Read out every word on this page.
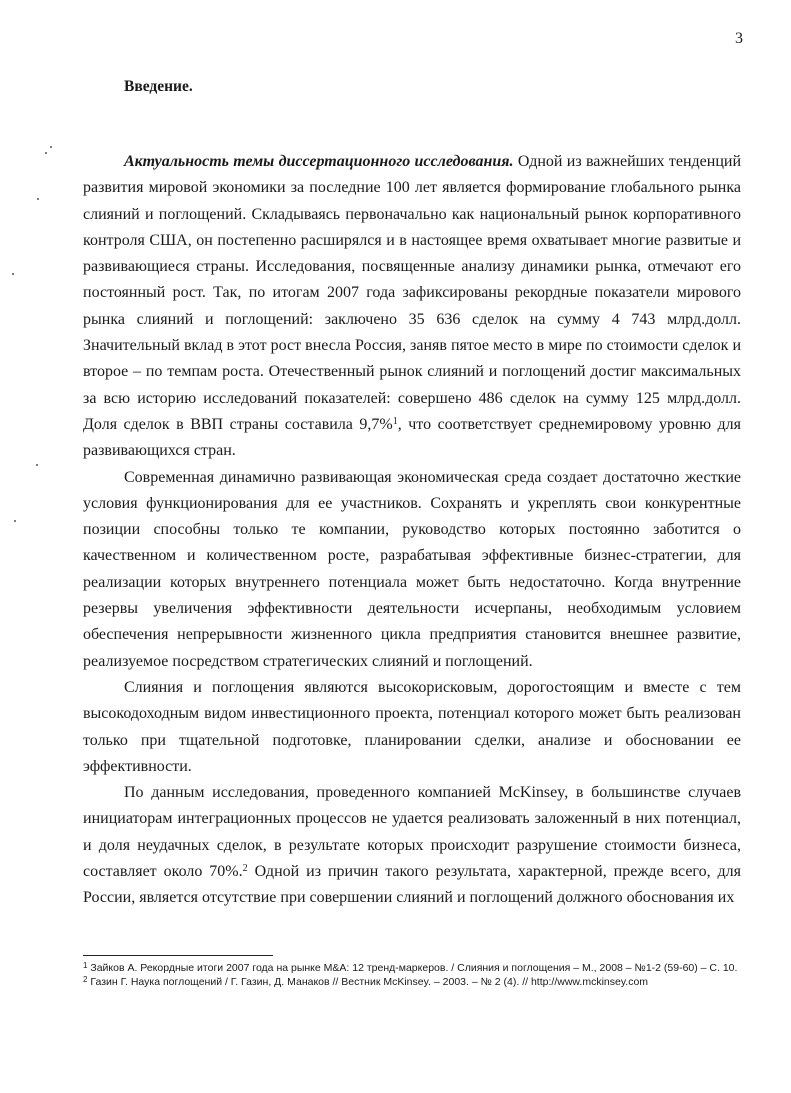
3
Введение.

Актуальность темы диссертационного исследования. Одной из важнейших тенденций развития мировой экономики за последние 100 лет является формирование глобального рынка слияний и поглощений. Складываясь первоначально как национальный рынок корпоративного контроля США, он постепенно расширялся и в настоящее время охватывает многие развитые и развивающиеся страны. Исследования, посвященные анализу динамики рынка, отмечают его постоянный рост. Так, по итогам 2007 года зафиксированы рекордные показатели мирового рынка слияний и поглощений: заключено 35 636 сделок на сумму 4 743 млрд.долл. Значительный вклад в этот рост внесла Россия, заняв пятое место в мире по стоимости сделок и второе – по темпам роста. Отечественный рынок слияний и поглощений достиг максимальных за всю историю исследований показателей: совершено 486 сделок на сумму 125 млрд.долл. Доля сделок в ВВП страны составила 9,7%$^1$, что соответствует среднемировому уровню для развивающихся стран.

Современная динамично развивающая экономическая среда создает достаточно жесткие условия функционирования для ее участников. Сохранять и укреплять свои конкурентные позиции способны только те компании, руководство которых постоянно заботится о качественном и количественном росте, разрабатывая эффективные бизнес-стратегии, для реализации которых внутреннего потенциала может быть недостаточно. Когда внутренние резервы увеличения эффективности деятельности исчерпаны, необходимым условием обеспечения непрерывности жизненного цикла предприятия становится внешнее развитие, реализуемое посредством стратегических слияний и поглощений.

Слияния и поглощения являются высокорисковым, дорогостоящим и вместе с тем высокодоходным видом инвестиционного проекта, потенциал которого может быть реализован только при тщательной подготовке, планировании сделки, анализе и обосновании ее эффективности.

По данным исследования, проведенного компанией McKinsey, в большинстве случаев инициаторам интеграционных процессов не удается реализовать заложенный в них потенциал, и доля неудачных сделок, в результате которых происходит разрушение стоимости бизнеса, составляет около 70%.$^2$ Одной из причин такого результата, характерной, прежде всего, для России, является отсутствие при совершении слияний и поглощений должного обоснования их

$^1$ Зайков А. Рекордные итоги 2007 года на рынке M&A: 12 тренд-маркеров. / Слияния и поглощения – М., 2008 – №1-2 (59-60) – С. 10.

$^2$ Газин Г. Наука поглощений / Г. Газин, Д. Манаков // Вестник McKinsey. – 2003. – № 2 (4). // http://www.mckinsey.com
